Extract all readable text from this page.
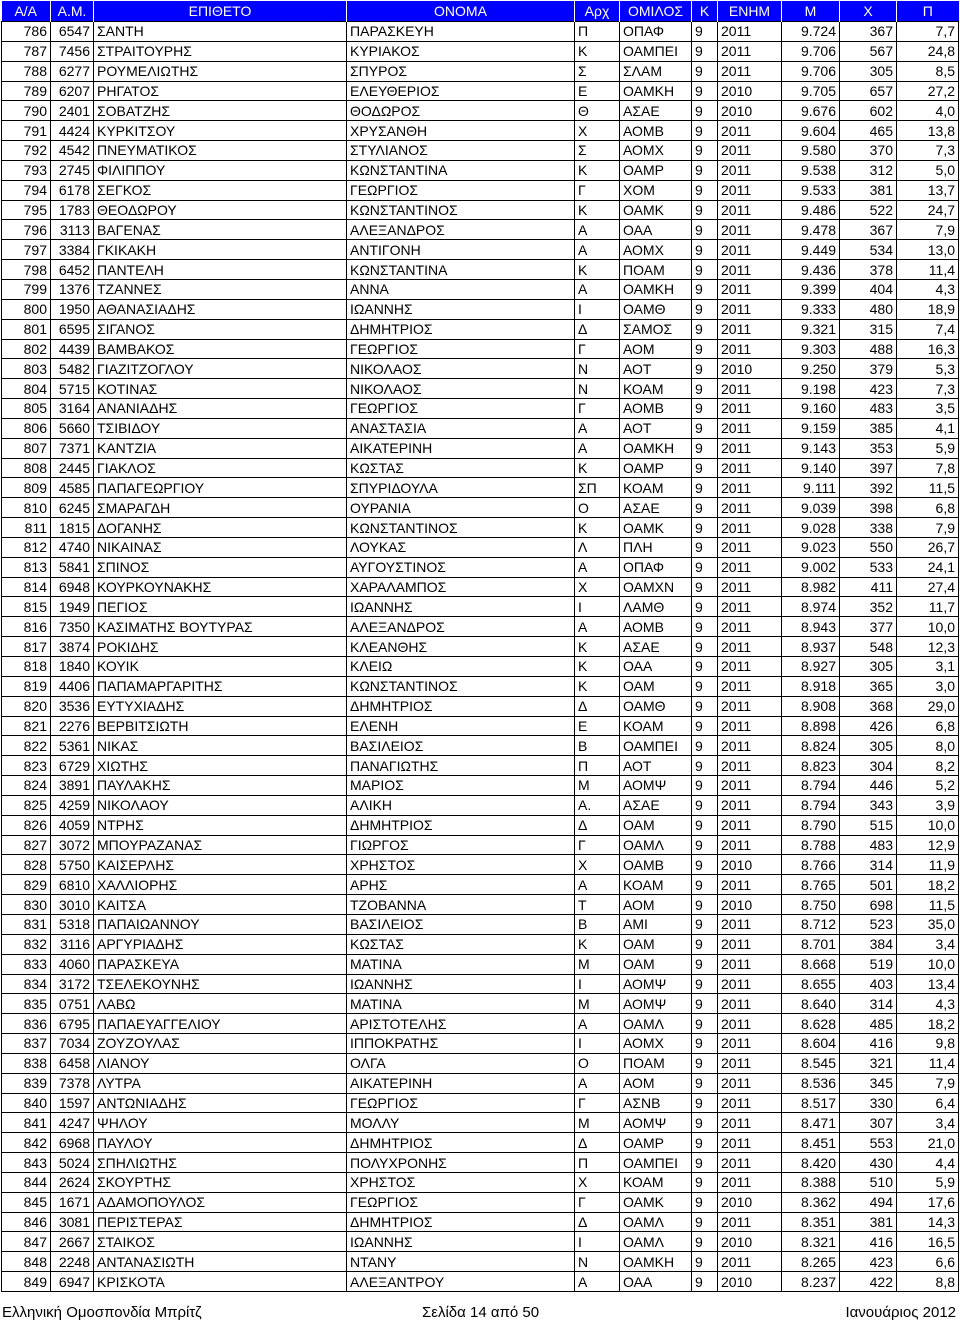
Α/Α	Α.Μ.	ΕΠΙΘΕΤΟ	ΟΝΟΜΑ	Αρχ	ΟΜΙΛΟΣ	Κ	ΕΝΗΜ	Μ	Χ	Π
786	6547	ΣΑΝΤΗ	ΠΑΡΑΣΚΕΥΗ	Π	ΟΠΑΦ	9	2011	9.724	367	7,7
787	7456	ΣΤΡΑΙΤΟΥΡΗΣ	ΚΥΡΙΑΚΟΣ	Κ	ΟΑΜΠΕΙ	9	2011	9.706	567	24,8
788	6277	ΡΟΥΜΕΛΙΩΤΗΣ	ΣΠΥΡΟΣ	Σ	ΣΛΑΜ	9	2011	9.706	305	8,5
789	6207	ΡΗΓΑΤΟΣ	ΕΛΕΥΘΕΡΙΟΣ	Ε	ΟΑΜΚΗ	9	2010	9.705	657	27,2
790	2401	ΣΟΒΑΤΖΗΣ	ΘΟΔΩΡΟΣ	Θ	ΑΣΑΕ	9	2010	9.676	602	4,0
791	4424	ΚΥΡΚΙΤΣΟΥ	ΧΡΥΣΑΝΘΗ	Χ	ΑΟΜΒ	9	2011	9.604	465	13,8
792	4542	ΠΝΕΥΜΑΤΙΚΟΣ	ΣΤΥΛΙΑΝΟΣ	Σ	ΑΟΜΧ	9	2011	9.580	370	7,3
793	2745	ΦΙΛΙΠΠΟΥ	ΚΩΝΣΤΑΝΤΙΝΑ	Κ	ΟΑΜΡ	9	2011	9.538	312	5,0
794	6178	ΣΕΓΚΟΣ	ΓΕΩΡΓΙΟΣ	Γ	ΧΟΜ	9	2011	9.533	381	13,7
795	1783	ΘΕΟΔΩΡΟΥ	ΚΩΝΣΤΑΝΤΙΝΟΣ	Κ	ΟΑΜΚ	9	2011	9.486	522	24,7
796	3113	ΒΑΓΕΝΑΣ	ΑΛΕΞΑΝΔΡΟΣ	Α	ΟΑΑ	9	2011	9.478	367	7,9
797	3384	ΓΚΙΚΑΚΗ	ΑΝΤΙΓΟΝΗ	Α	ΑΟΜΧ	9	2011	9.449	534	13,0
798	6452	ΠΑΝΤΕΛΗ	ΚΩΝΣΤΑΝΤΙΝΑ	Κ	ΠΟΑΜ	9	2011	9.436	378	11,4
799	1376	ΤΖΑΝΝΕΣ	ΑΝΝΑ	Α	ΟΑΜΚΗ	9	2011	9.399	404	4,3
800	1950	ΑΘΑΝΑΣΙΑΔΗΣ	ΙΩΑΝΝΗΣ	Ι	ΟΑΜΘ	9	2011	9.333	480	18,9
801	6595	ΣΙΓΑΝΟΣ	ΔΗΜΗΤΡΙΟΣ	Δ	ΣΑΜΟΣ	9	2011	9.321	315	7,4
802	4439	ΒΑΜΒΑΚΟΣ	ΓΕΩΡΓΙΟΣ	Γ	ΑΟΜ	9	2011	9.303	488	16,3
803	5482	ΓΙΑΖΙΤΖΟΓΛΟΥ	ΝΙΚΟΛΑΟΣ	Ν	ΑΟΤ	9	2010	9.250	379	5,3
804	5715	ΚΟΤΙΝΑΣ	ΝΙΚΟΛΑΟΣ	Ν	ΚΟΑΜ	9	2011	9.198	423	7,3
805	3164	ΑΝΑΝΙΑΔΗΣ	ΓΕΩΡΓΙΟΣ	Γ	ΑΟΜΒ	9	2011	9.160	483	3,5
806	5660	ΤΣΙΒΙΔΟΥ	ΑΝΑΣΤΑΣΙΑ	Α	ΑΟΤ	9	2011	9.159	385	4,1
807	7371	ΚΑΝΤΖΙΑ	ΑΙΚΑΤΕΡΙΝΗ	Α	ΟΑΜΚΗ	9	2011	9.143	353	5,9
808	2445	ΓΙΑΚΛΟΣ	ΚΩΣΤΑΣ	Κ	ΟΑΜΡ	9	2011	9.140	397	7,8
809	4585	ΠΑΠΑΓΕΩΡΓΙΟΥ	ΣΠΥΡΙΔΟΥΛΑ	ΣΠ	ΚΟΑΜ	9	2011	9.111	392	11,5
810	6245	ΣΜΑΡΑΓΔΗ	ΟΥΡΑΝΙΑ	Ο	ΑΣΑΕ	9	2011	9.039	398	6,8
811	1815	ΔΟΓΑΝΗΣ	ΚΩΝΣΤΑΝΤΙΝΟΣ	Κ	ΟΑΜΚ	9	2011	9.028	338	7,9
812	4740	ΝΙΚΑΙΝΑΣ	ΛΟΥΚΑΣ	Λ	ΠΛΗ	9	2011	9.023	550	26,7
813	5841	ΣΠΙΝΟΣ	ΑΥΓΟΥΣΤΙΝΟΣ	Α	ΟΠΑΦ	9	2011	9.002	533	24,1
814	6948	ΚΟΥΡΚΟΥΝΑΚΗΣ	ΧΑΡΑΛΑΜΠΟΣ	Χ	ΟΑΜΧΝ	9	2011	8.982	411	27,4
815	1949	ΠΕΓΙΟΣ	ΙΩΑΝΝΗΣ	Ι	ΛΑΜΘ	9	2011	8.974	352	11,7
816	7350	ΚΑΣΙΜΑΤΗΣ ΒΟΥΤΥΡΑΣ	ΑΛΕΞΑΝΔΡΟΣ	Α	ΑΟΜΒ	9	2011	8.943	377	10,0
817	3874	ΡΟΚΙΔΗΣ	ΚΛΕΑΝΘΗΣ	Κ	ΑΣΑΕ	9	2011	8.937	548	12,3
818	1840	ΚΟΥΙΚ	ΚΛΕΙΩ	Κ	ΟΑΑ	9	2011	8.927	305	3,1
819	4406	ΠΑΠΑΜΑΡΓΑΡΙΤΗΣ	ΚΩΝΣΤΑΝΤΙΝΟΣ	Κ	ΟΑΜ	9	2011	8.918	365	3,0
820	3536	ΕΥΤΥΧΙΑΔΗΣ	ΔΗΜΗΤΡΙΟΣ	Δ	ΟΑΜΘ	9	2011	8.908	368	29,0
821	2276	ΒΕΡΒΙΤΣΙΩΤΗ	ΕΛΕΝΗ	Ε	ΚΟΑΜ	9	2011	8.898	426	6,8
822	5361	ΝΙΚΑΣ	ΒΑΣΙΛΕΙΟΣ	Β	ΟΑΜΠΕΙ	9	2011	8.824	305	8,0
823	6729	ΧΙΩΤΗΣ	ΠΑΝΑΓΙΩΤΗΣ	Π	ΑΟΤ	9	2011	8.823	304	8,2
824	3891	ΠΑΥΛΑΚΗΣ	ΜΑΡΙΟΣ	Μ	ΑΟΜΨ	9	2011	8.794	446	5,2
825	4259	ΝΙΚΟΛΑΟΥ	ΑΛΙΚΗ	Α.	ΑΣΑΕ	9	2011	8.794	343	3,9
826	4059	ΝΤΡΗΣ	ΔΗΜΗΤΡΙΟΣ	Δ	ΟΑΜ	9	2011	8.790	515	10,0
827	3072	ΜΠΟΥΡΑΖΑΝΑΣ	ΓΙΩΡΓΟΣ	Γ	ΟΑΜΛ	9	2011	8.788	483	12,9
828	5750	ΚΑΙΣΕΡΛΗΣ	ΧΡΗΣΤΟΣ	Χ	ΟΑΜΒ	9	2010	8.766	314	11,9
829	6810	ΧΑΛΛΙΟΡΗΣ	ΑΡΗΣ	Α	ΚΟΑΜ	9	2011	8.765	501	18,2
830	3010	ΚΑΙΤΣΑ	ΤΖΟΒΑΝΝΑ	Τ	ΑΟΜ	9	2010	8.750	698	11,5
831	5318	ΠΑΠΑΙΩΑΝΝΟΥ	ΒΑΣΙΛΕΙΟΣ	Β	ΑΜΙ	9	2011	8.712	523	35,0
832	3116	ΑΡΓΥΡΙΑΔΗΣ	ΚΩΣΤΑΣ	Κ	ΟΑΜ	9	2011	8.701	384	3,4
833	4060	ΠΑΡΑΣΚΕΥΑ	ΜΑΤΙΝΑ	Μ	ΟΑΜ	9	2011	8.668	519	10,0
834	3172	ΤΣΕΛΕΚΟΥΝΗΣ	ΙΩΑΝΝΗΣ	Ι	ΑΟΜΨ	9	2011	8.655	403	13,4
835	0751	ΛΑΒΩ	ΜΑΤΙΝΑ	Μ	ΑΟΜΨ	9	2011	8.640	314	4,3
836	6795	ΠΑΠΑΕΥΑΓΓΕΛΙΟΥ	ΑΡΙΣΤΟΤΕΛΗΣ	Α	ΟΑΜΛ	9	2011	8.628	485	18,2
837	7034	ΖΟΥΖΟΥΛΑΣ	ΙΠΠΟΚΡΑΤΗΣ	Ι	ΑΟΜΧ	9	2011	8.604	416	9,8
838	6458	ΛΙΑΝΟΥ	ΟΛΓΑ	Ο	ΠΟΑΜ	9	2011	8.545	321	11,4
839	7378	ΛΥΤΡΑ	ΑΙΚΑΤΕΡΙΝΗ	Α	ΑΟΜ	9	2011	8.536	345	7,9
840	1597	ΑΝΤΩΝΙΑΔΗΣ	ΓΕΩΡΓΙΟΣ	Γ	ΑΣΝΒ	9	2011	8.517	330	6,4
841	4247	ΨΗΛΟΥ	ΜΟΛΛΥ	Μ	ΑΟΜΨ	9	2011	8.471	307	3,4
842	6968	ΠΑΥΛΟΥ	ΔΗΜΗΤΡΙΟΣ	Δ	ΟΑΜΡ	9	2011	8.451	553	21,0
843	5024	ΣΠΗΛΙΩΤΗΣ	ΠΟΛΥΧΡΟΝΗΣ	Π	ΟΑΜΠΕΙ	9	2011	8.420	430	4,4
844	2624	ΣΚΟΥΡΤΗΣ	ΧΡΗΣΤΟΣ	Χ	ΚΟΑΜ	9	2011	8.388	510	5,9
845	1671	ΑΔΑΜΟΠΟΥΛΟΣ	ΓΕΩΡΓΙΟΣ	Γ	ΟΑΜΚ	9	2010	8.362	494	17,6
846	3081	ΠΕΡΙΣΤΕΡΑΣ	ΔΗΜΗΤΡΙΟΣ	Δ	ΟΑΜΛ	9	2011	8.351	381	14,3
847	2667	ΣΤΑΙΚΟΣ	ΙΩΑΝΝΗΣ	Ι	ΟΑΜΛ	9	2010	8.321	416	16,5
848	2248	ΑΝΤΑΝΑΣΙΩΤΗ	ΝΤΑΝΥ	Ν	ΟΑΜΚΗ	9	2011	8.265	423	6,6
849	6947	ΚΡΙΣΚΟΤΑ	ΑΛΕΞΑΝΤΡΟΥ	Α	ΟΑΑ	9	2010	8.237	422	8,8
Ελληνική Ομοσπονδία Μπρίτζ	Σελίδα 14 από 50	Ιανουάριος 2012
